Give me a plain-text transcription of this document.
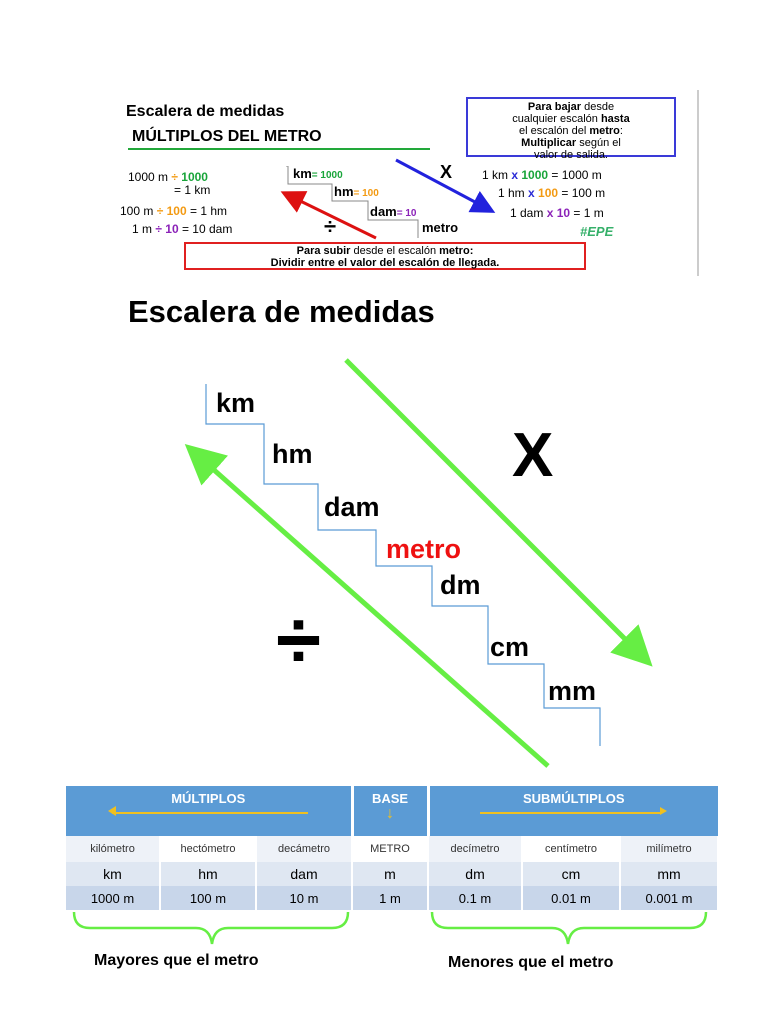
Escalera de medidas
MÚLTIPLOS DEL METRO
Para bajar desde
cualquier escalón hasta
el escalón del metro:
Multiplicar según el
valor de salida.
1000 m ÷ 1000
= 1 km
100 m ÷ 100 = 1 hm
1 m ÷ 10 = 10 dam	÷
X
km= 1000
hm= 100
dam= 10
metro
1 km x 1000 = 1000 m
1 hm x 100 = 100 m
1 dam x 10 = 1 m
#EPE
Para subir desde el escalón metro:
Dividir entre el valor del escalón de llegada.
Escalera de medidas
km
hm
dam
metro
dm
cm
mm
X
÷
MÚLTIPLOS			BASE
↓	SUBMÚLTIPLOS		

kilómetro	hectómetro	decámetro	METRO	decímetro	centímetro	milímetro
km	hm	dam	m	dm	cm	mm
1000 m	100 m	10 m	1 m	0.1 m	0.01 m	0.001 m
Mayores que el metro	Menores que el metro
